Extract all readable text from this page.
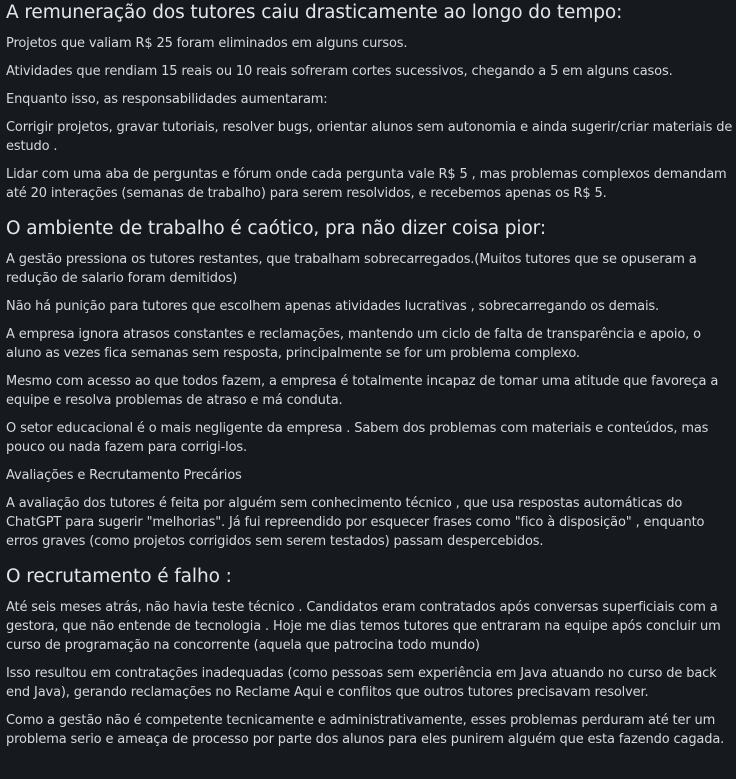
A remuneração dos tutores caiu drasticamente ao longo do tempo:

Projetos que valiam R$ 25 foram eliminados em alguns cursos.

Atividades que rendiam 15 reais ou 10 reais sofreram cortes sucessivos, chegando a 5 em alguns casos.

Enquanto isso, as responsabilidades aumentaram:

Corrigir projetos, gravar tutoriais, resolver bugs, orientar alunos sem autonomia e ainda sugerir/criar materiais de estudo .

Lidar com uma aba de perguntas e fórum onde cada pergunta vale R$ 5 , mas problemas complexos demandam até 20 interações (semanas de trabalho) para serem resolvidos, e recebemos apenas os R$ 5.

O ambiente de trabalho é caótico, pra não dizer coisa pior:

A gestão pressiona os tutores restantes, que trabalham sobrecarregados.(Muitos tutores que se opuseram a redução de salario foram demitidos)

Não há punição para tutores que escolhem apenas atividades lucrativas , sobrecarregando os demais.

A empresa ignora atrasos constantes e reclamações, mantendo um ciclo de falta de transparência e apoio, o aluno as vezes fica semanas sem resposta, principalmente se for um problema complexo.

Mesmo com acesso ao que todos fazem, a empresa é totalmente incapaz de tomar uma atitude que favoreça a equipe e resolva problemas de atraso e má conduta.

O setor educacional é o mais negligente da empresa . Sabem dos problemas com materiais e conteúdos, mas pouco ou nada fazem para corrigi-los.

Avaliações e Recrutamento Precários

A avaliação dos tutores é feita por alguém sem conhecimento técnico , que usa respostas automáticas do ChatGPT para sugerir "melhorias". Já fui repreendido por esquecer frases como "fico à disposição" , enquanto erros graves (como projetos corrigidos sem serem testados) passam despercebidos.

O recrutamento é falho :

Até seis meses atrás, não havia teste técnico . Candidatos eram contratados após conversas superficiais com a gestora, que não entende de tecnologia . Hoje me dias temos tutores que entraram na equipe após concluir um curso de programação na concorrente (aquela que patrocina todo mundo)

Isso resultou em contratações inadequadas (como pessoas sem experiência em Java atuando no curso de back end Java), gerando reclamações no Reclame Aqui e conflitos que outros tutores precisavam resolver.

Como a gestão não é competente tecnicamente e administrativamente, esses problemas perduram até ter um problema serio e ameaça de processo por parte dos alunos para eles punirem alguém que esta fazendo cagada.
